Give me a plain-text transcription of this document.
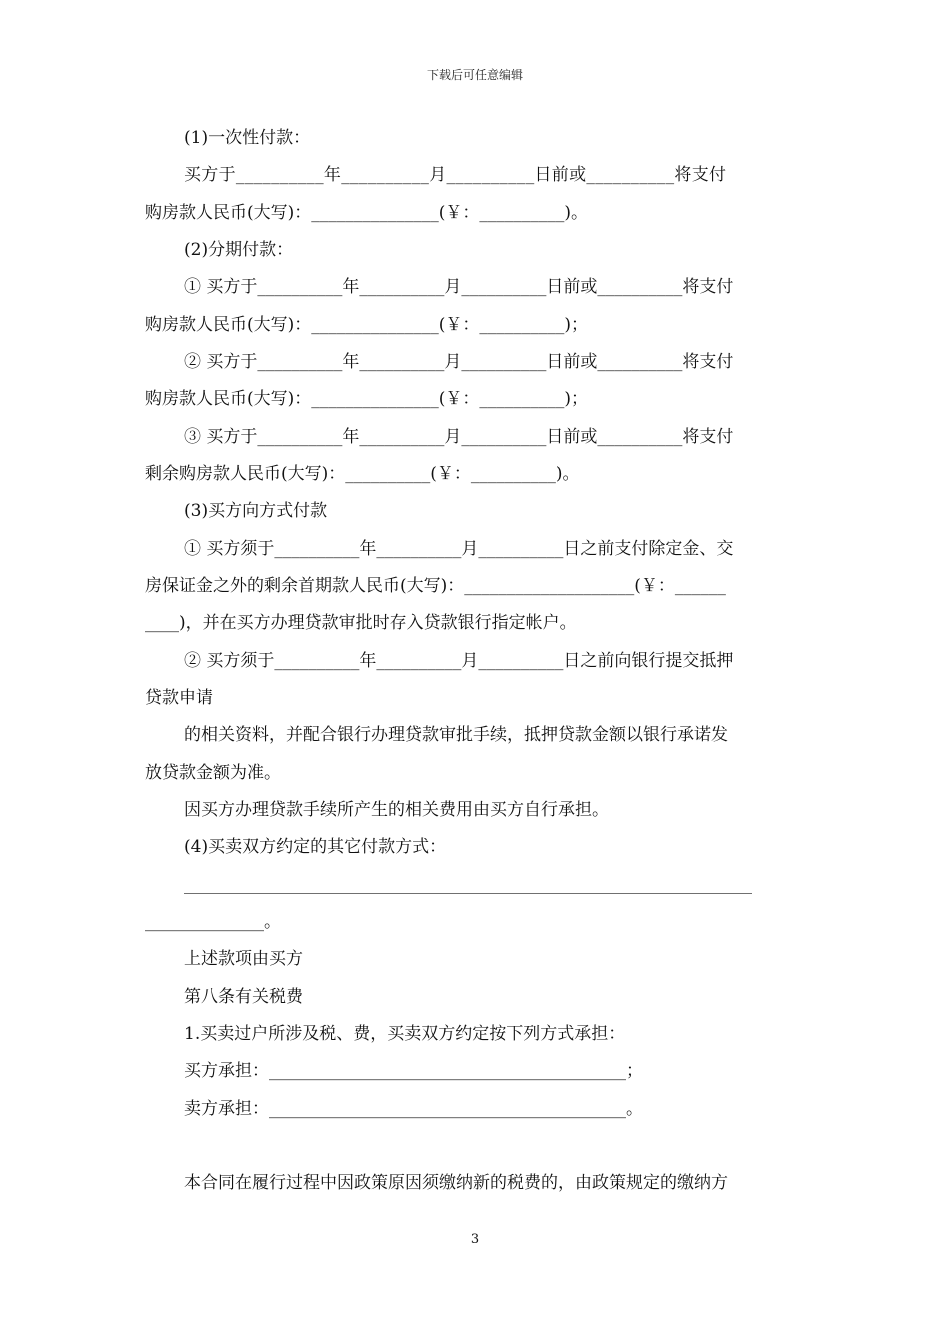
下载后可任意编辑
(1)一次性付款：
买方于__________年__________月__________日前或__________将支付
购房款人民币(大写)：_______________(￥：__________)。
(2)分期付款：
① 买方于__________年__________月__________日前或__________将支付
购房款人民币(大写)：_______________(￥：__________)；
② 买方于__________年__________月__________日前或__________将支付
购房款人民币(大写)：_______________(￥：__________)；
③ 买方于__________年__________月__________日前或__________将支付
剩余购房款人民币(大写)：__________(￥：__________)。
(3)买方向方式付款
① 买方须于__________年__________月__________日之前支付除定金、交
房保证金之外的剩余首期款人民币(大写)：____________________(￥：______
____)，并在买方办理贷款审批时存入贷款银行指定帐户。
② 买方须于__________年__________月__________日之前向银行提交抵押
贷款申请
的相关资料，并配合银行办理贷款审批手续，抵押贷款金额以银行承诺发
放贷款金额为准。
因买方办理贷款手续所产生的相关费用由买方自行承担。
(4)买卖双方约定的其它付款方式：
_______________________________________________________________________
______________。
上述款项由买方
第八条有关税费
1.买卖过户所涉及税、费，买卖双方约定按下列方式承担：
买方承担：__________________________________________；
卖方承担：__________________________________________。
本合同在履行过程中因政策原因须缴纳新的税费的，由政策规定的缴纳方
3
